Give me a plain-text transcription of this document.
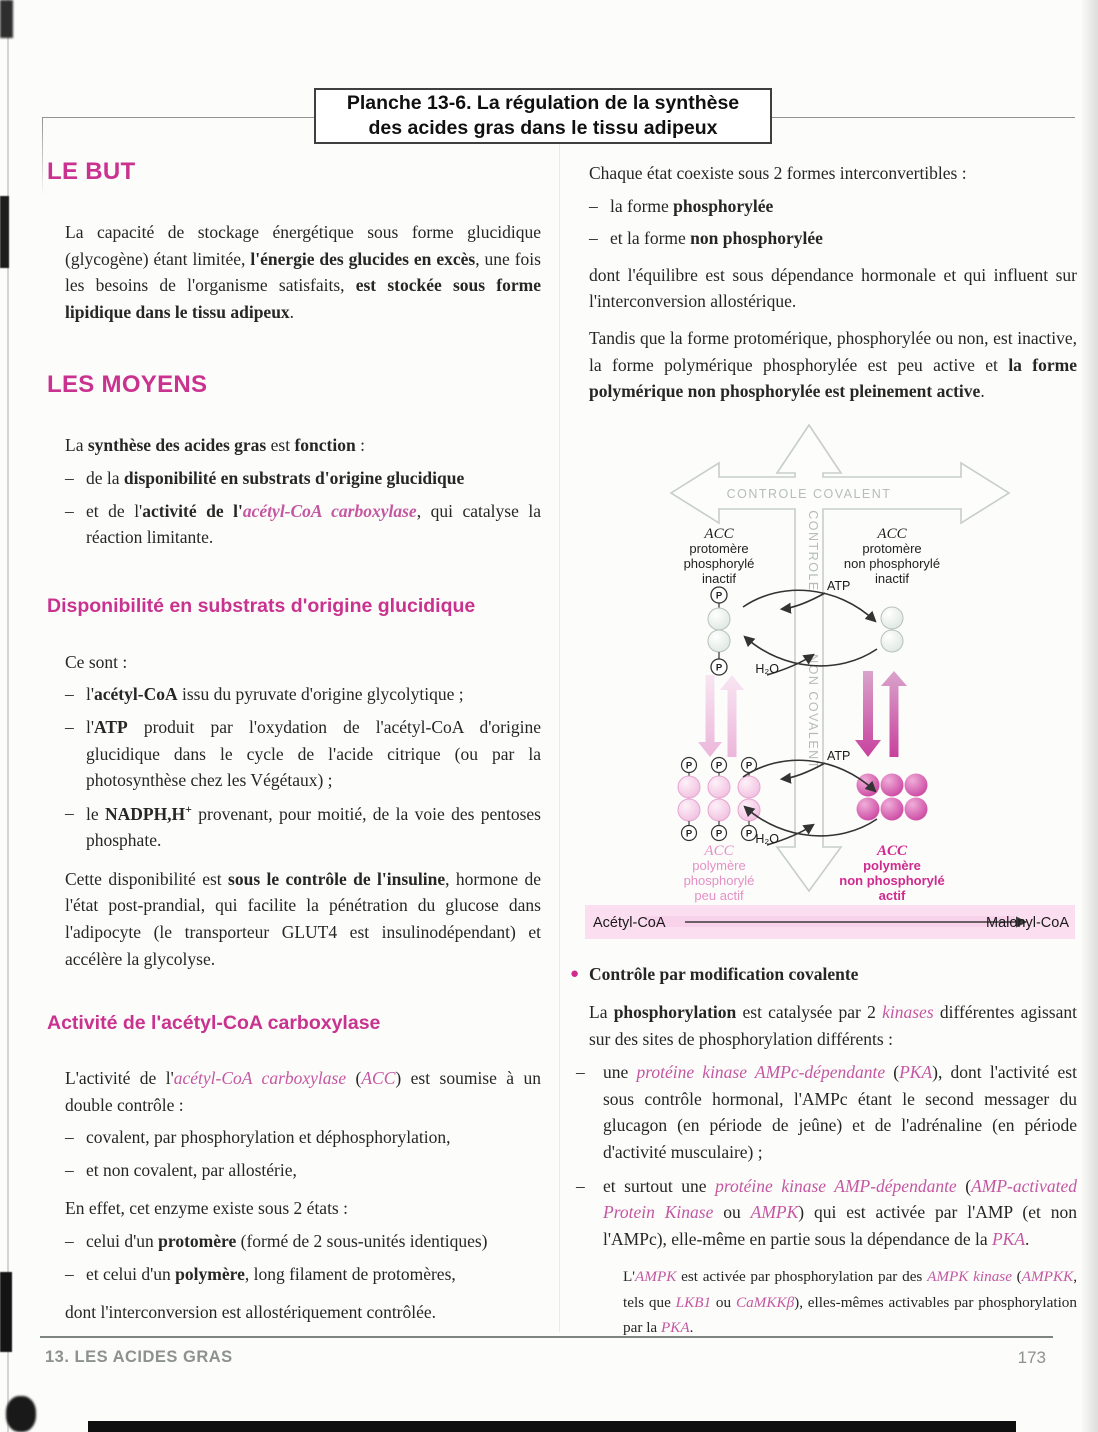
Planche 13-6. La régulation de la synthèse
des acides gras dans le tissu adipeux
LE BUT

La capacité de stockage énergétique sous forme glucidique (glycogène) étant limitée, l'énergie des glucides en excès, une fois les besoins de l'organisme satisfaits, est stockée sous forme lipidique dans le tissu adipeux.

LES MOYENS

La synthèse des acides gras est fonction :

– de la disponibilité en substrats d'origine glucidique
– et de l'activité de l'acétyl-CoA carboxylase, qui catalyse la réaction limitante.
Disponibilité en substrats d'origine glucidique

Ce sont :

– l'acétyl-CoA issu du pyruvate d'origine glycolytique ;
– l'ATP produit par l'oxydation de l'acétyl-CoA d'origine glucidique dans le cycle de l'acide citrique (ou par la photosynthèse chez les Végétaux) ;
– le NADPH,H+ provenant, pour moitié, de la voie des pentoses phosphate.

Cette disponibilité est sous le contrôle de l'insuline, hormone de l'état post-prandial, qui facilite la pénétration du glucose dans l'adipocyte (le transporteur GLUT4 est insulinodépendant) et accélère la glycolyse.

Activité de l'acétyl-CoA carboxylase

L'activité de l'acétyl-CoA carboxylase (ACC) est soumise à un double contrôle :

– covalent, par phosphorylation et déphosphorylation,
– et non covalent, par allostérie,

En effet, cet enzyme existe sous 2 états :

– celui d'un protomère (formé de 2 sous-unités identiques)
– et celui d'un polymère, long filament de protomères,

dont l'interconversion est allostériquement contrôlée.

Chaque état coexiste sous 2 formes interconvertibles :

– la forme phosphorylée
– et la forme non phosphorylée

dont l'équilibre est sous dépendance hormonale et qui influent sur l'interconversion allostérique.

Tandis que la forme protomérique, phosphorylée ou non, est inactive, la forme polymérique phosphorylée est peu active et la forme polymérique non phosphorylée est pleinement active.

CONTROLE COVALENT
CONTROLE
NON COVALENT
ACC
protomère
phosphorylé
inactif
ACC
protomère
non phosphorylé
inactif
P
P
ATP
H₂O
P P P
P P P
ATP
H₂O
ACC
polymère
phosphorylé
peu actif
ACC
polymère
non phosphorylé
actif
Acétyl-CoA	Malonyl-CoA
● Contrôle par modification covalente

La phosphorylation est catalysée par 2 kinases différentes agissant sur des sites de phosphorylation différents :

–	une protéine kinase AMPc-dépendante (PKA), dont l'activité est sous contrôle hormonal, l'AMPc étant le second messager du glucagon (en période de jeûne) et de l'adrénaline (en période d'activité musculaire) ;
–	et surtout une protéine kinase AMP-dépendante (AMP-activated Protein Kinase ou AMPK) qui est activée par l'AMP (et non l'AMPc), elle-même en partie sous la dépendance de la PKA.

L'AMPK est activée par phosphorylation par des AMPK kinase (AMPKK, tels que LKB1 ou CaMKKβ), elles-mêmes activables par phosphorylation par la PKA.

13. LES ACIDES GRAS	173
